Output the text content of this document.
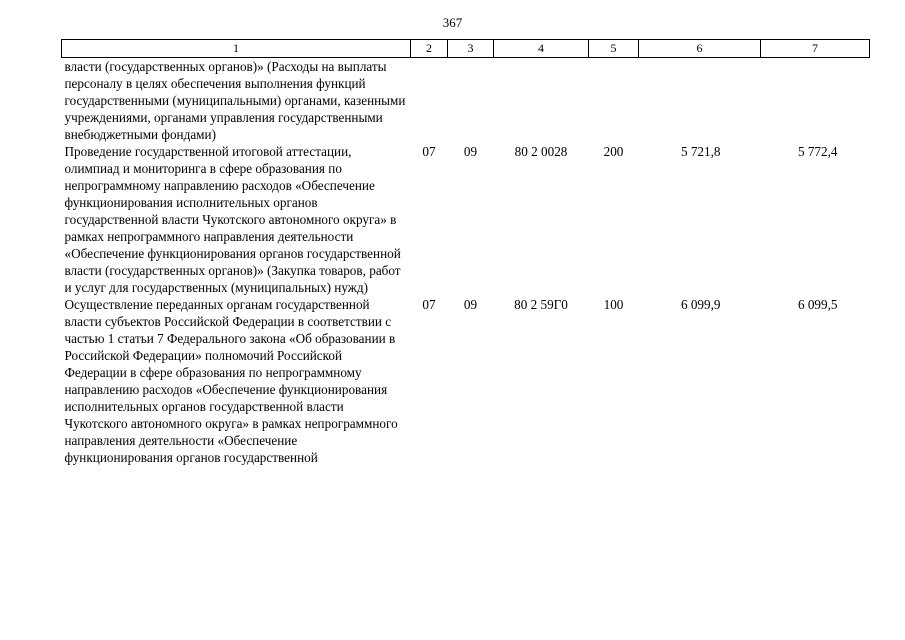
367
1	2	3	4	5	6	7
власти (государственных органов)» (Расходы на выплаты персоналу в целях обеспечения выполнения функций государственными (муниципальными) органами, казенными учреждениями, органами управления государственными внебюджетными фондами)						
Проведение государственной итоговой аттестации, олимпиад и мониторинга в сфере образования по непрограммному направлению расходов «Обеспечение функционирования исполнительных органов государственной власти Чукотского автономного округа» в рамках непрограммного направления деятельности «Обеспечение функционирования органов государственной власти (государственных органов)» (Закупка товаров, работ и услуг для государственных (муниципальных) нужд)	07	09	80 2 0028	200	5 721,8	5 772,4
Осуществление переданных органам государственной власти субъектов Российской Федерации в соответствии с частью 1 статьи 7 Федерального закона «Об образовании в Российской Федерации» полномочий Российской Федерации в сфере образования по непрограммному направлению расходов «Обеспечение функционирования исполнительных органов государственной власти Чукотского автономного округа» в рамках непрограммного направления деятельности «Обеспечение функционирования органов государственной	07	09	80 2 59Г0	100	6 099,9	6 099,5
